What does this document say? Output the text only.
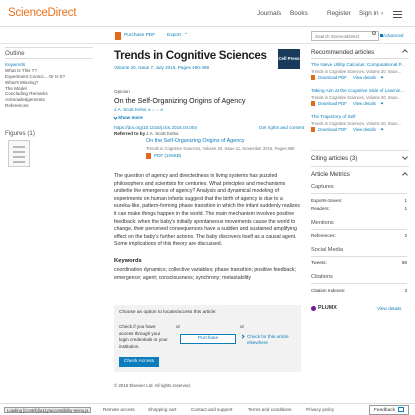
ScienceDirect	Journals Books	Register Sign in ›
Purchase PDF Export ⌄
Search ScienceDirect	Advanced
Outline
Keywords
What Is This T?
Experiment Consci... Or Is It?
What's Missing?
The Model
Concluding Remarks
Acknowledgements
References
Figures (1)
Trends in Cognitive Sciences
Volume 20, Issue 7, July 2016, Pages 490-499
Cell Press
Opinion
On the Self-Organizing Origins of Agency
J.A. Scott Kelso ✉ ☆ ☆ ✉
Show more
https://doi.org/10.1016/j.tics.2016.04.004	Get rights and content
Referred to by J.A. Scott Kelso
On the Self-Organizing Origins of Agency
Trends in Cognitive Sciences, Volume 20, Issue 11, November 2016, Pages 869
PDF (106KB)

The question of agency and directedness in living systems has puzzled philosophers and scientists for centuries. What principles and mechanisms underlie the emergence of agency? Analysis and dynamical modeling of experiments on human infants suggest that the birth of agency is due to a eureka-like, pattern-forming phase transition in which the infant suddenly realizes it can make things happen in the world. The main mechanism involves positive feedback: when the baby's initially spontaneous movements cause the world to change, their perceived consequences have a sudden and sustained amplifying effect on the baby's further actions. The baby discovers itself as a causal agent. Some implications of this theory are discussed.

Keywords

coordination dynamics; collective variables; phase transition; positive feedback; emergence; agent; consciousness; synchrony; metastability

Choose an option to locate/access this article:
Check if you have access through your login credentials or your institution.
Check Access
or	or
Purchase	Check for this article elsewhere
© 2016 Elsevier Ltd. All rights reserved.
Recommended articles
The Naive Utility Calculus: Computational P...
Trends in Cognitive Sciences, Volume 20, Issue...
Download PDF View details
Taking Aim at the Cognitive Side of Learnin...
Trends in Cognitive Sciences, Volume 20, Issue...
Download PDF View details
The Trajectory of Self
Trends in Cognitive Sciences, Volume 20, Issue...
Download PDF View details
Citing articles (3)
Article Metrics
Captures
Exports-Saves:	1
Readers:	1
Mentions
References:	2
Social Media
Tweets:	58
Citations
Citation Indexes:	3
PLUMX	View details
Loading [Contrib]/a11y/accessibility-menu.js	Remote access	Shopping cart	Contact and support	Terms and conditions	Privacy policy	Feedback
